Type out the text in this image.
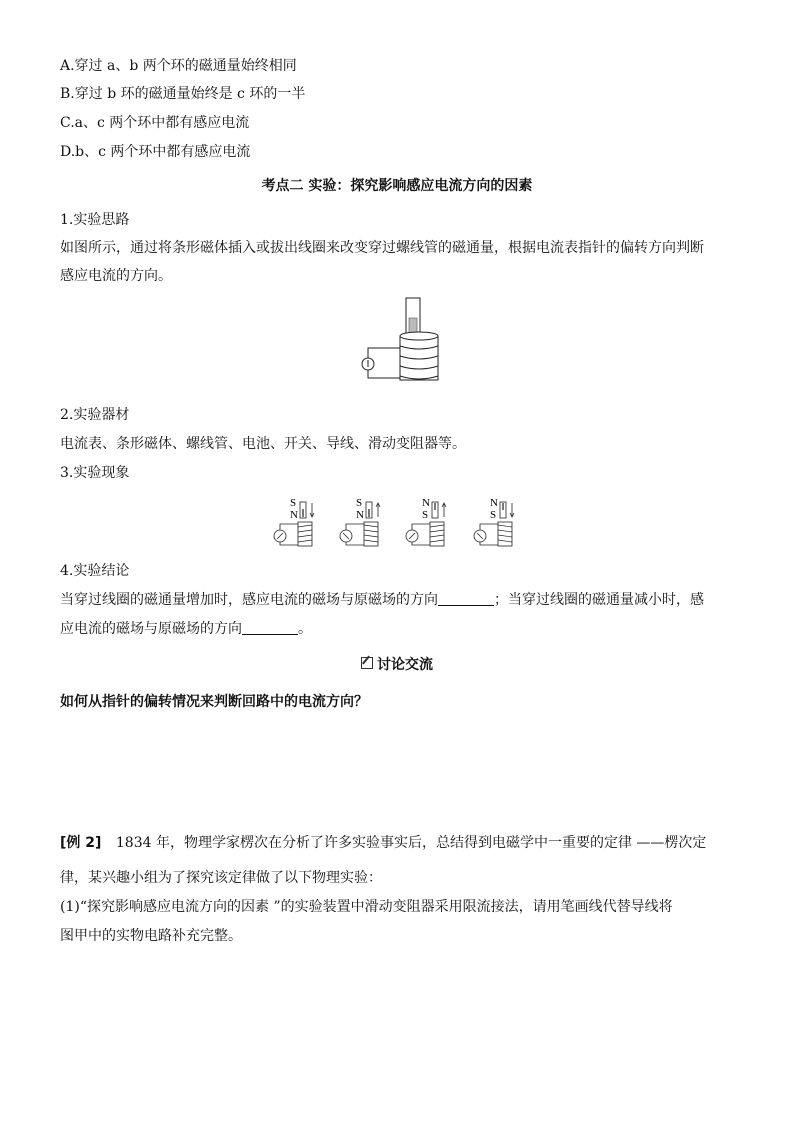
A.穿过 a、b 两个环的磁通量始终相同
B.穿过 b 环的磁通量始终是 c 环的一半
C.a、c 两个环中都有感应电流
D.b、c 两个环中都有感应电流
考点二 实验：探究影响感应电流方向的因素
1.实验思路
如图所示，通过将条形磁体插入或拔出线圈来改变穿过螺线管的磁通量，根据电流表指针的偏转方向判断
感应电流的方向。
2.实验器材
电流表、条形磁体、螺线管、电池、开关、导线、滑动变阻器等。
3.实验现象
S
N
S
N
N
S
N
S
4.实验结论
当穿过线圈的磁通量增加时，感应电流的磁场与原磁场的方向	；当穿过线圈的磁通量减小时，感
应电流的磁场与原磁场的方向	。
讨论交流
如何从指针的偏转情况来判断回路中的电流方向？
[例 2] 1834 年，物理学家楞次在分析了许多实验事实后，总结得到电磁学中一重要的定律 ——楞次定
律，某兴趣小组为了探究该定律做了以下物理实验：
(1)“探究影响感应电流方向的因素 ”的实验装置中滑动变阻器采用限流接法，请用笔画线代替导线将
图甲中的实物电路补充完整。
